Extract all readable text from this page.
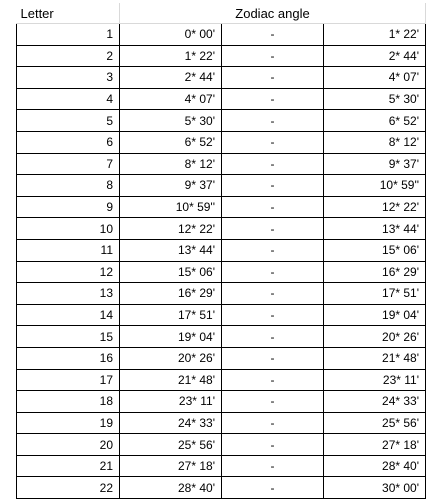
Letter	Zodiac angle		
1	0* 00'	-	1* 22'
2	1* 22'	-	2* 44'
3	2* 44'	-	4* 07'
4	4* 07'	-	5* 30'
5	5* 30'	-	6* 52'
6	6* 52'	-	8* 12'
7	8* 12'	-	9* 37'
8	9* 37'	-	10* 59''
9	10* 59''	-	12* 22'
10	12* 22'	-	13* 44'
11	13* 44'	-	15* 06'
12	15* 06'	-	16* 29'
13	16* 29'	-	17* 51'
14	17* 51'	-	19* 04'
15	19* 04'	-	20* 26'
16	20* 26'	-	21* 48'
17	21* 48'	-	23* 11'
18	23* 11'	-	24* 33'
19	24* 33'	-	25* 56'
20	25* 56'	-	27* 18'
21	27* 18'	-	28* 40'
22	28* 40'	-	30* 00'
